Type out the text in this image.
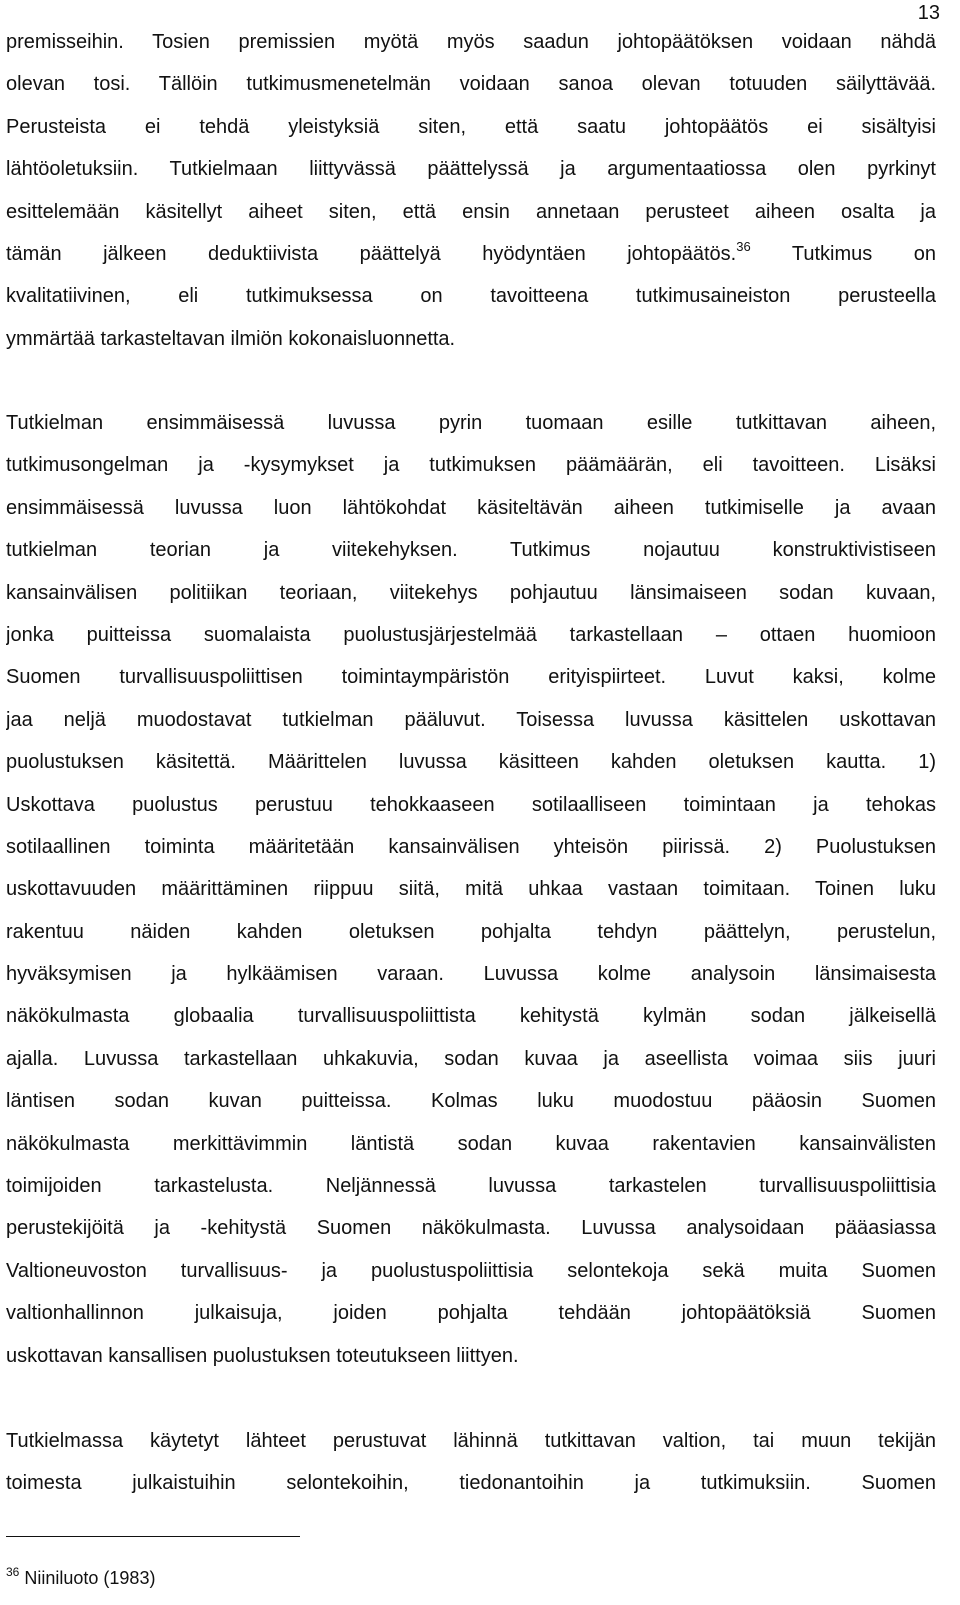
13
premisseihin. Tosien premissien myötä myös saadun johtopäätöksen voidaan nähdä
olevan tosi. Tällöin tutkimusmenetelmän voidaan sanoa olevan totuuden säilyttävää.
Perusteista ei tehdä yleistyksiä siten, että saatu johtopäätös ei sisältyisi
lähtöoletuksiin. Tutkielmaan liittyvässä päättelyssä ja argumentaatiossa olen pyrkinyt
esittelemään käsitellyt aiheet siten, että ensin annetaan perusteet aiheen osalta ja
tämän jälkeen deduktiivista päättelyä hyödyntäen johtopäätös.$^{36}$ Tutkimus on
kvalitatiivinen, eli tutkimuksessa on tavoitteena tutkimusaineiston perusteella
ymmärtää tarkasteltavan ilmiön kokonaisluonnetta.
Tutkielman ensimmäisessä luvussa pyrin tuomaan esille tutkittavan aiheen,
tutkimusongelman ja -kysymykset ja tutkimuksen päämäärän, eli tavoitteen. Lisäksi
ensimmäisessä luvussa luon lähtökohdat käsiteltävän aiheen tutkimiselle ja avaan
tutkielman teorian ja viitekehyksen. Tutkimus nojautuu konstruktivistiseen
kansainvälisen politiikan teoriaan, viitekehys pohjautuu länsimaiseen sodan kuvaan,
jonka puitteissa suomalaista puolustusjärjestelmää tarkastellaan – ottaen huomioon
Suomen turvallisuuspoliittisen toimintaympäristön erityispiirteet. Luvut kaksi, kolme
jaa neljä muodostavat tutkielman pääluvut. Toisessa luvussa käsittelen uskottavan
puolustuksen käsitettä. Määrittelen luvussa käsitteen kahden oletuksen kautta. 1)
Uskottava puolustus perustuu tehokkaaseen sotilaalliseen toimintaan ja tehokas
sotilaallinen toiminta määritetään kansainvälisen yhteisön piirissä. 2) Puolustuksen
uskottavuuden määrittäminen riippuu siitä, mitä uhkaa vastaan toimitaan. Toinen luku
rakentuu näiden kahden oletuksen pohjalta tehdyn päättelyn, perustelun,
hyväksymisen ja hylkäämisen varaan. Luvussa kolme analysoin länsimaisesta
näkökulmasta globaalia turvallisuuspoliittista kehitystä kylmän sodan jälkeisellä
ajalla. Luvussa tarkastellaan uhkakuvia, sodan kuvaa ja aseellista voimaa siis juuri
läntisen sodan kuvan puitteissa. Kolmas luku muodostuu pääosin Suomen
näkökulmasta merkittävimmin läntistä sodan kuvaa rakentavien kansainvälisten
toimijoiden tarkastelusta. Neljännessä luvussa tarkastelen turvallisuuspoliittisia
perustekijöitä ja -kehitystä Suomen näkökulmasta. Luvussa analysoidaan pääasiassa
Valtioneuvoston turvallisuus- ja puolustuspoliittisia selontekoja sekä muita Suomen
valtionhallinnon julkaisuja, joiden pohjalta tehdään johtopäätöksiä Suomen
uskottavan kansallisen puolustuksen toteutukseen liittyen.
Tutkielmassa käytetyt lähteet perustuvat lähinnä tutkittavan valtion, tai muun tekijän
toimesta julkaistuihin selontekoihin, tiedonantoihin ja tutkimuksiin. Suomen
$^{36}$ Niiniluoto (1983)
